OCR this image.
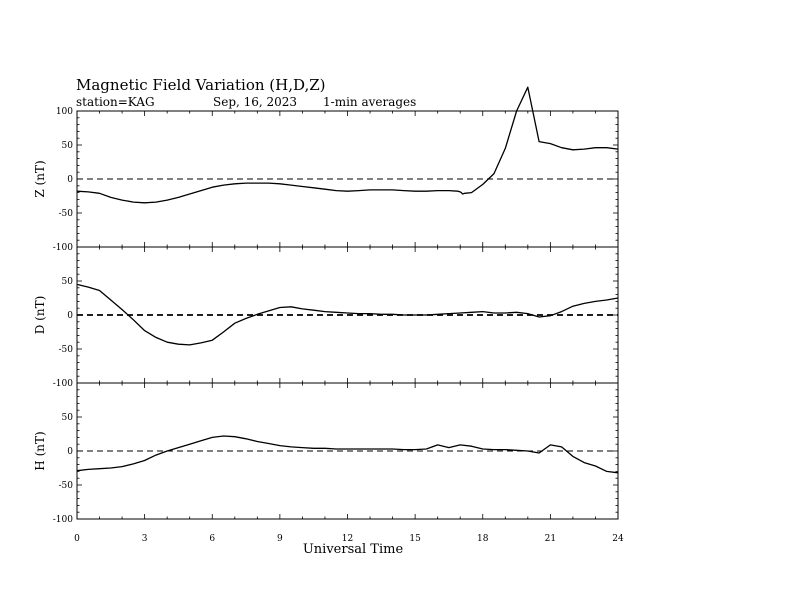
Magnetic Field Variation (H,D,Z)
station=KAG	Sep, 16, 2023 1-min averages
-100
-50
0
50
100
Z (nT)
-100
-50
0
50
D (nT)
-100
-50
0
50
H (nT)
Universal Time
0	3	6	9	12	15	18	21	24
